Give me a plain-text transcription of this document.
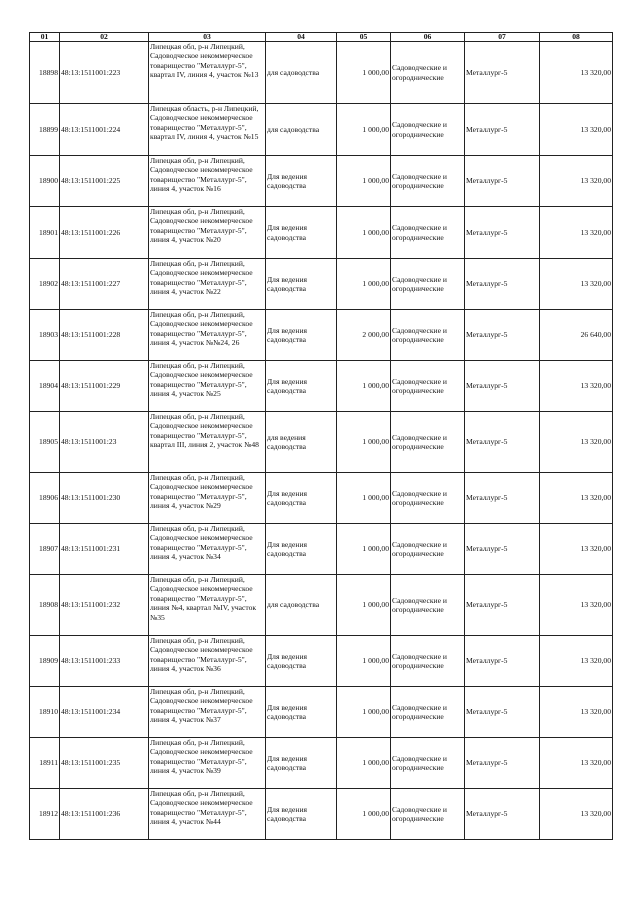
01	02	03	04	05	06	07	08
18898	48:13:1511001:223	Липецкая обл, р-н Липецкий, Садоводческое некоммерческое товарищество "Металлург-5", квартал IV, линия 4, участок №13	для садоводства	1 000,00	Садоводческие и огороднические	Металлург-5	13 320,00
18899	48:13:1511001:224	Липецкая область, р-н Липецкий, Садоводческое некоммерческое товарищество "Металлург-5", квартал IV, линия 4, участок №15	для садоводства	1 000,00	Садоводческие и огороднические	Металлург-5	13 320,00
18900	48:13:1511001:225	Липецкая обл, р-н Липецкий, Садоводческое некоммерческое товарищество "Металлург-5", линия 4, участок №16	Для ведения садоводства	1 000,00	Садоводческие и огороднические	Металлург-5	13 320,00
18901	48:13:1511001:226	Липецкая обл, р-н Липецкий, Садоводческое некоммерческое товарищество "Металлург-5", линия 4, участок №20	Для ведения садоводства	1 000,00	Садоводческие и огороднические	Металлург-5	13 320,00
18902	48:13:1511001:227	Липецкая обл, р-н Липецкий, Садоводческое некоммерческое товарищество "Металлург-5", линия 4, участок №22	Для ведения садоводства	1 000,00	Садоводческие и огороднические	Металлург-5	13 320,00
18903	48:13:1511001:228	Липецкая обл, р-н Липецкий, Садоводческое некоммерческое товарищество "Металлург-5", линия 4, участок №№24, 26	Для ведения садоводства	2 000,00	Садоводческие и огороднические	Металлург-5	26 640,00
18904	48:13:1511001:229	Липецкая обл, р-н Липецкий, Садоводческое некоммерческое товарищество "Металлург-5", линия 4, участок №25	Для ведения садоводства	1 000,00	Садоводческие и огороднические	Металлург-5	13 320,00
18905	48:13:1511001:23	Липецкая обл, р-н Липецкий, Садоводческое некоммерческое товарищество "Металлург-5", квартал III, линия 2, участок №48	для ведения садоводства	1 000,00	Садоводческие и огороднические	Металлург-5	13 320,00
18906	48:13:1511001:230	Липецкая обл, р-н Липецкий, Садоводческое некоммерческое товарищество "Металлург-5", линия 4, участок №29	Для ведения садоводства	1 000,00	Садоводческие и огороднические	Металлург-5	13 320,00
18907	48:13:1511001:231	Липецкая обл, р-н Липецкий, Садоводческое некоммерческое товарищество "Металлург-5", линия 4, участок №34	Для ведения садоводства	1 000,00	Садоводческие и огороднические	Металлург-5	13 320,00
18908	48:13:1511001:232	Липецкая обл, р-н Липецкий, Садоводческое некоммерческое товарищество "Металлург-5", линия №4, квартал №IV, участок №35	для садоводства	1 000,00	Садоводческие и огороднические	Металлург-5	13 320,00
18909	48:13:1511001:233	Липецкая обл, р-н Липецкий, Садоводческое некоммерческое товарищество "Металлург-5", линия 4, участок №36	Для ведения садоводства	1 000,00	Садоводческие и огороднические	Металлург-5	13 320,00
18910	48:13:1511001:234	Липецкая обл, р-н Липецкий, Садоводческое некоммерческое товарищество "Металлург-5", линия 4, участок №37	Для ведения садоводства	1 000,00	Садоводческие и огороднические	Металлург-5	13 320,00
18911	48:13:1511001:235	Липецкая обл, р-н Липецкий, Садоводческое некоммерческое товарищество "Металлург-5", линия 4, участок №39	Для ведения садоводства	1 000,00	Садоводческие и огороднические	Металлург-5	13 320,00
18912	48:13:1511001:236	Липецкая обл, р-н Липецкий, Садоводческое некоммерческое товарищество "Металлург-5", линия 4, участок №44	Для ведения садоводства	1 000,00	Садоводческие и огороднические	Металлург-5	13 320,00
